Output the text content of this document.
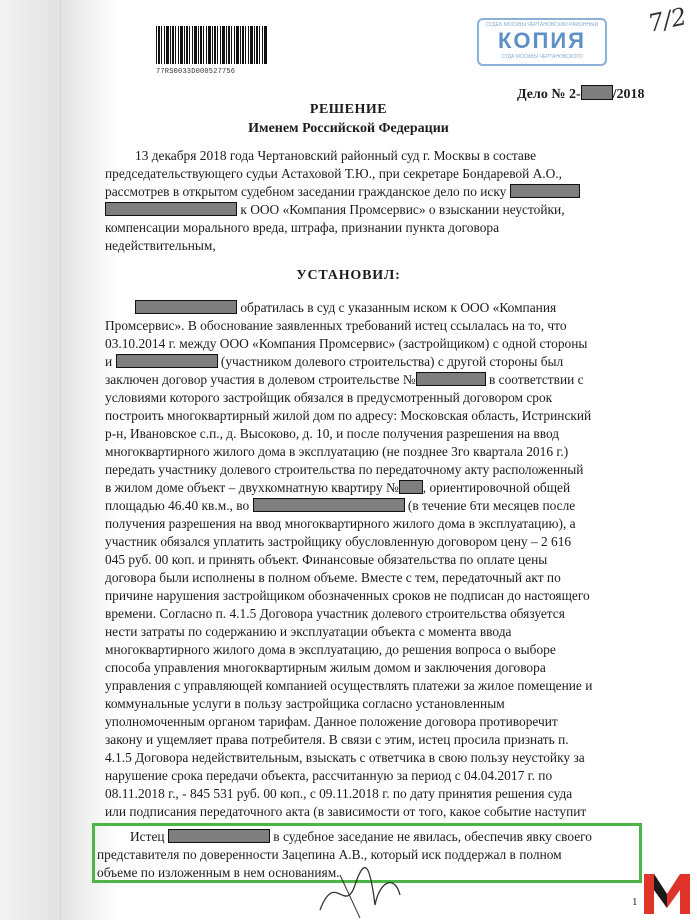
77RS0033D000527756
СУДЕБ МОСКВЫ ЧЕРТАНОВСКИЙ РАЙОННЫЙ
КОПИЯ
СУДА МОСКВЫ ЧЕРТАНОВСКОГО
7/2
Дело № 2- /2018
РЕШЕНИЕ
Именем Российской Федерации
13 декабря 2018 года Чертановский районный суд г. Москвы в составе
председательствующего судьи Астаховой Т.Ю., при секретаре Бондаревой А.О.,
рассмотрев в открытом судебном заседании гражданское дело по иску
к ООО «Компания Промсервис» о взыскании неустойки,
компенсации морального вреда, штрафа, признании пункта договора
недействительным,
УСТАНОВИЛ:
обратилась в суд с указанным иском к ООО «Компания
Промсервис». В обоснование заявленных требований истец ссылалась на то, что
03.10.2014 г. между ООО «Компания Промсервис» (застройщиком) с одной стороны
и	(участником долевого строительства) с другой стороны был
заключен договор участия в долевом строительстве №	в соответствии с
условиями которого застройщик обязался в предусмотренный договором срок
построить многоквартирный жилой дом по адресу: Московская область, Истринский
р-н, Ивановское с.п., д. Высоково, д. 10, и после получения разрешения на ввод
многоквартирного жилого дома в эксплуатацию (не позднее 3го квартала 2016 г.)
передать участнику долевого строительства по передаточному акту расположенный
в жилом доме объект – двухкомнатную квартиру № , ориентировочной общей
площадью 46.40 кв.м., во	(в течение 6ти месяцев после
получения разрешения на ввод многоквартирного жилого дома в эксплуатацию), а
участник обязался уплатить застройщику обусловленную договором цену – 2 616
045 руб. 00 коп. и принять объект. Финансовые обязательства по оплате цены
договора были исполнены в полном объеме. Вместе с тем, передаточный акт по
причине нарушения застройщиком обозначенных сроков не подписан до настоящего
времени. Согласно п. 4.1.5 Договора участник долевого строительства обязуется
нести затраты по содержанию и эксплуатации объекта с момента ввода
многоквартирного жилого дома в эксплуатацию, до решения вопроса о выборе
способа управления многоквартирным жилым домом и заключения договора
управления с управляющей компанией осуществлять платежи за жилое помещение и
коммунальные услуги в пользу застройщика согласно установленным
уполномоченным органом тарифам. Данное положение договора противоречит
закону и ущемляет права потребителя. В связи с этим, истец просила признать п.
4.1.5 Договора недействительным, взыскать с ответчика в свою пользу неустойку за
нарушение срока передачи объекта, рассчитанную за период с 04.04.2017 г. по
08.11.2018 г., - 845 531 руб. 00 коп., с 09.11.2018 г. по дату принятия решения суда
или подписания передаточного акта (в зависимости от того, какое событие наступит
Истец	в судебное заседание не явилась, обеспечив явку своего
представителя по доверенности Зацепина А.В., который иск поддержал в полном
объеме по изложенным в нем основаниям.
1
